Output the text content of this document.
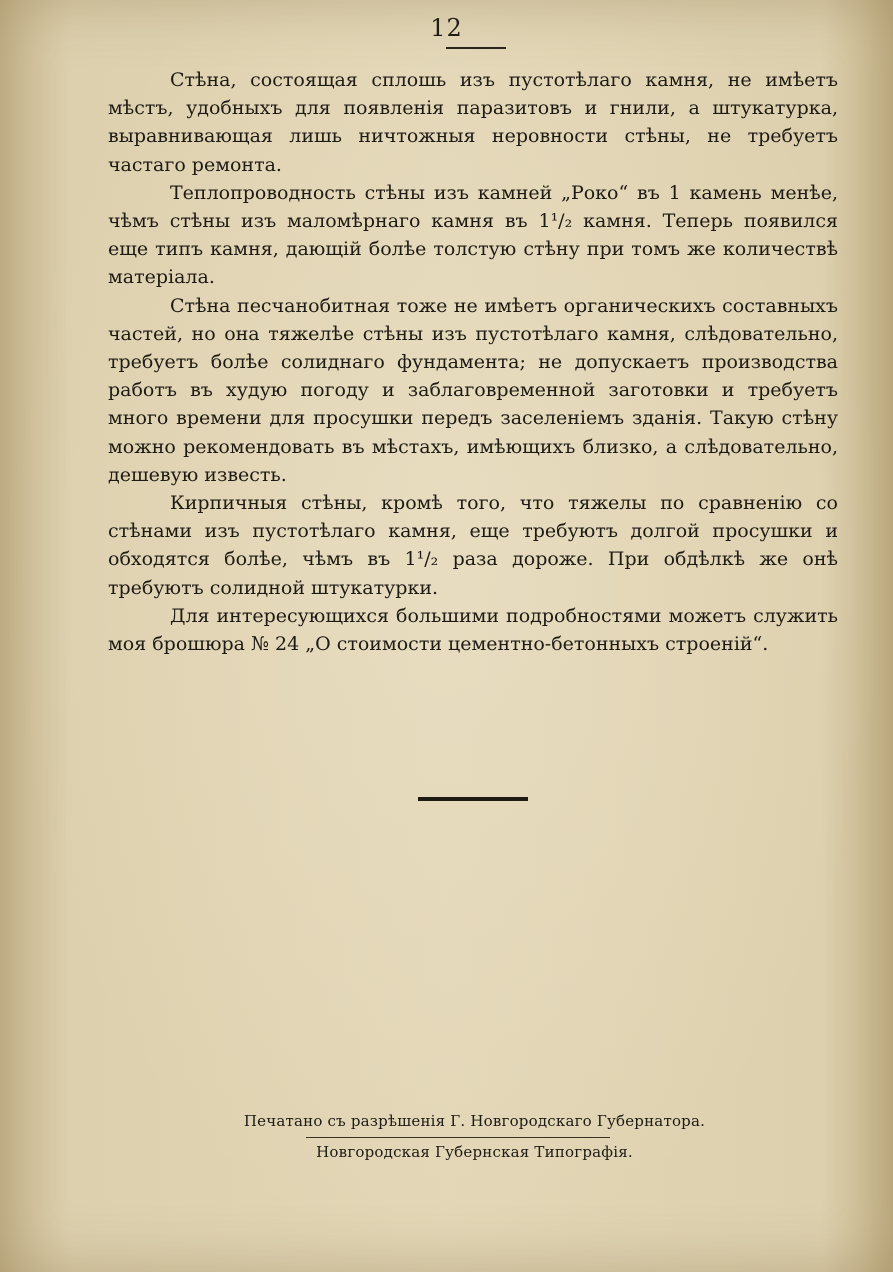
12

Стѣна, состоящая сплошь изъ пустотѣлаго камня, не имѣетъ мѣстъ, удобныхъ для появленія паразитовъ и гнили, а штукатурка, выравнивающая лишь ничтожныя неровности стѣны, не требуетъ частаго ремонта.

Теплопроводность стѣны изъ камней „Роко“ въ 1 камень менѣе, чѣмъ стѣны изъ маломѣрнаго камня въ 1¹/₂ камня. Теперь появился еще типъ камня, дающій болѣе толстую стѣну при томъ же количествѣ матеріала.

Стѣна песчанобитная тоже не имѣетъ органическихъ составныхъ частей, но она тяжелѣе стѣны изъ пустотѣлаго камня, слѣдовательно, требуетъ болѣе солиднаго фундамента; не допускаетъ производства работъ въ худую погоду и заблаговременной заготовки и требуетъ много времени для просушки передъ заселеніемъ зданія. Такую стѣну можно рекомендовать въ мѣстахъ, имѣющихъ близко, а слѣдовательно, дешевую известь.

Кирпичныя стѣны, кромѣ того, что тяжелы по сравненію со стѣнами изъ пустотѣлаго камня, еще требуютъ долгой просушки и обходятся болѣе, чѣмъ въ 1¹/₂ раза дороже. При обдѣлкѣ же онѣ требуютъ солидной штукатурки.

Для интересующихся большими подробностями можетъ служить моя брошюра № 24 „О стоимости цементно-бетонныхъ строеній“.

Печатано съ разрѣшенія Г. Новгородскаго Губернатора.
Новгородская Губернская Типографія.
